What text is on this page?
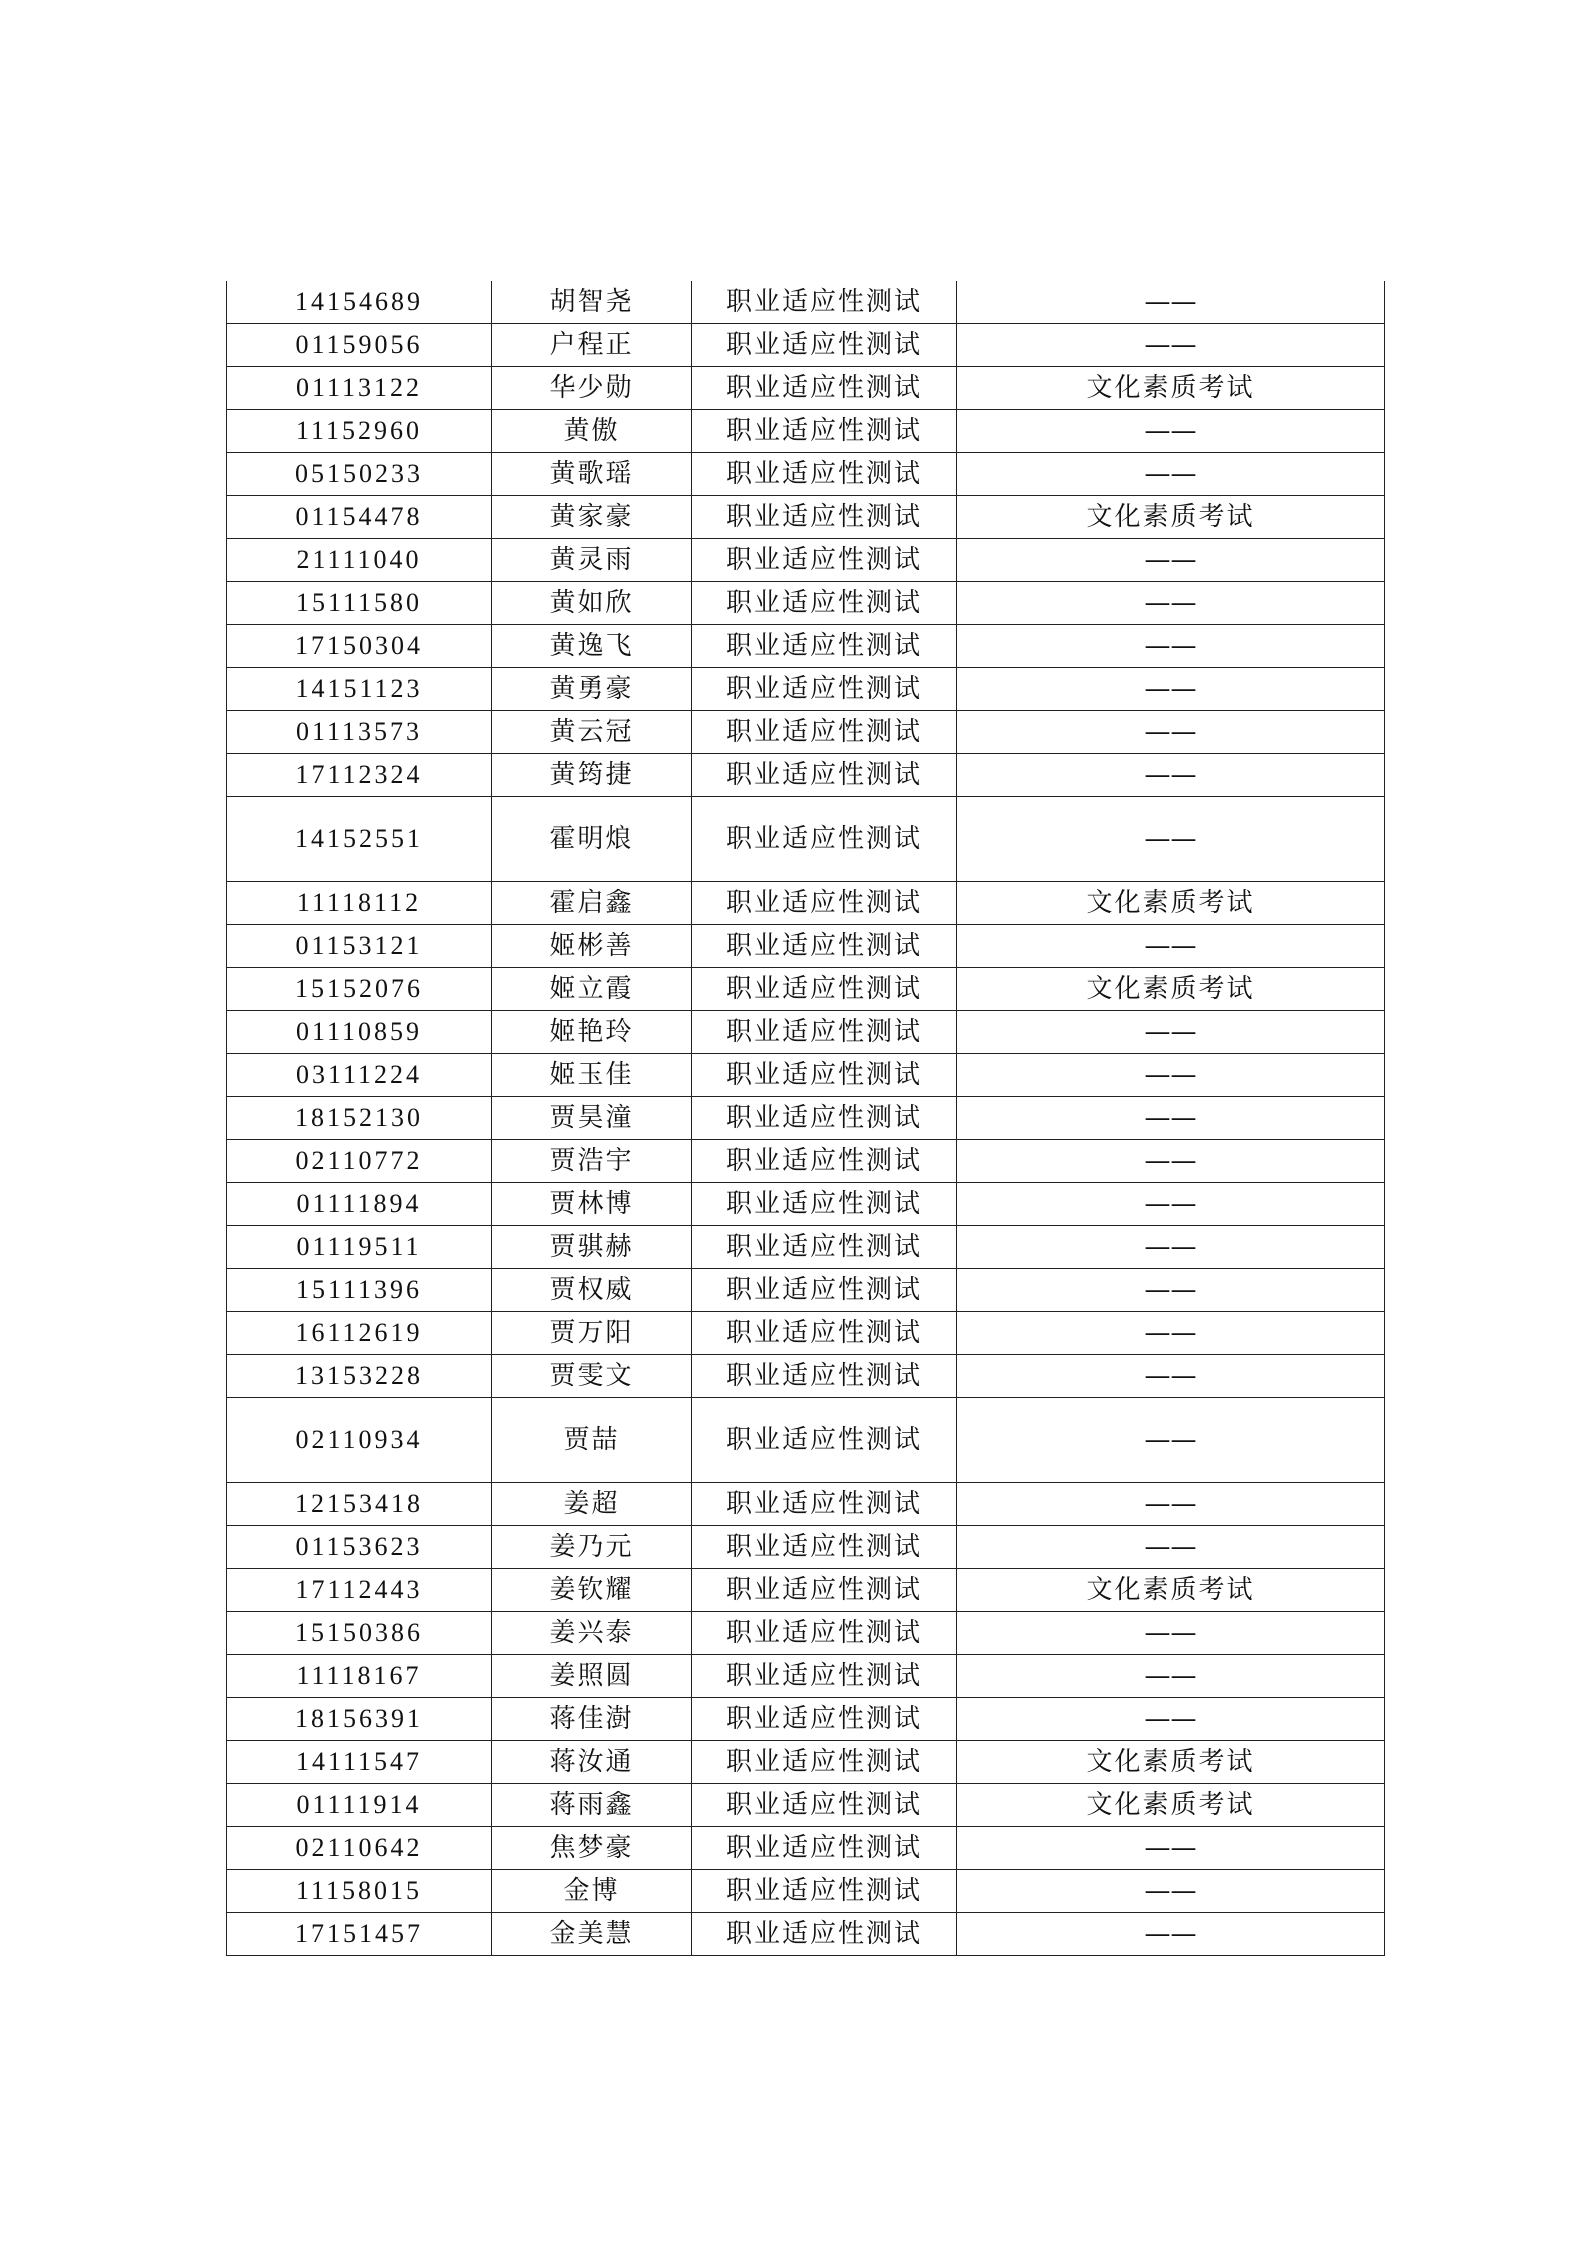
14154689	胡智尧	职业适应性测试	——
01159056	户程正	职业适应性测试	——
01113122	华少勋	职业适应性测试	文化素质考试
11152960	黄傲	职业适应性测试	——
05150233	黄歌瑶	职业适应性测试	——
01154478	黄家豪	职业适应性测试	文化素质考试
21111040	黄灵雨	职业适应性测试	——
15111580	黄如欣	职业适应性测试	——
17150304	黄逸飞	职业适应性测试	——
14151123	黄勇豪	职业适应性测试	——
01113573	黄云冠	职业适应性测试	——
17112324	黄筠捷	职业适应性测试	——
14152551	霍明烺	职业适应性测试	——
11118112	霍启鑫	职业适应性测试	文化素质考试
01153121	姬彬善	职业适应性测试	——
15152076	姬立霞	职业适应性测试	文化素质考试
01110859	姬艳玲	职业适应性测试	——
03111224	姬玉佳	职业适应性测试	——
18152130	贾昊潼	职业适应性测试	——
02110772	贾浩宇	职业适应性测试	——
01111894	贾林博	职业适应性测试	——
01119511	贾骐赫	职业适应性测试	——
15111396	贾权威	职业适应性测试	——
16112619	贾万阳	职业适应性测试	——
13153228	贾雯文	职业适应性测试	——
02110934	贾喆	职业适应性测试	——
12153418	姜超	职业适应性测试	——
01153623	姜乃元	职业适应性测试	——
17112443	姜钦耀	职业适应性测试	文化素质考试
15150386	姜兴泰	职业适应性测试	——
11118167	姜照圆	职业适应性测试	——
18156391	蒋佳澍	职业适应性测试	——
14111547	蒋汝通	职业适应性测试	文化素质考试
01111914	蒋雨鑫	职业适应性测试	文化素质考试
02110642	焦梦豪	职业适应性测试	——
11158015	金博	职业适应性测试	——
17151457	金美慧	职业适应性测试	——
